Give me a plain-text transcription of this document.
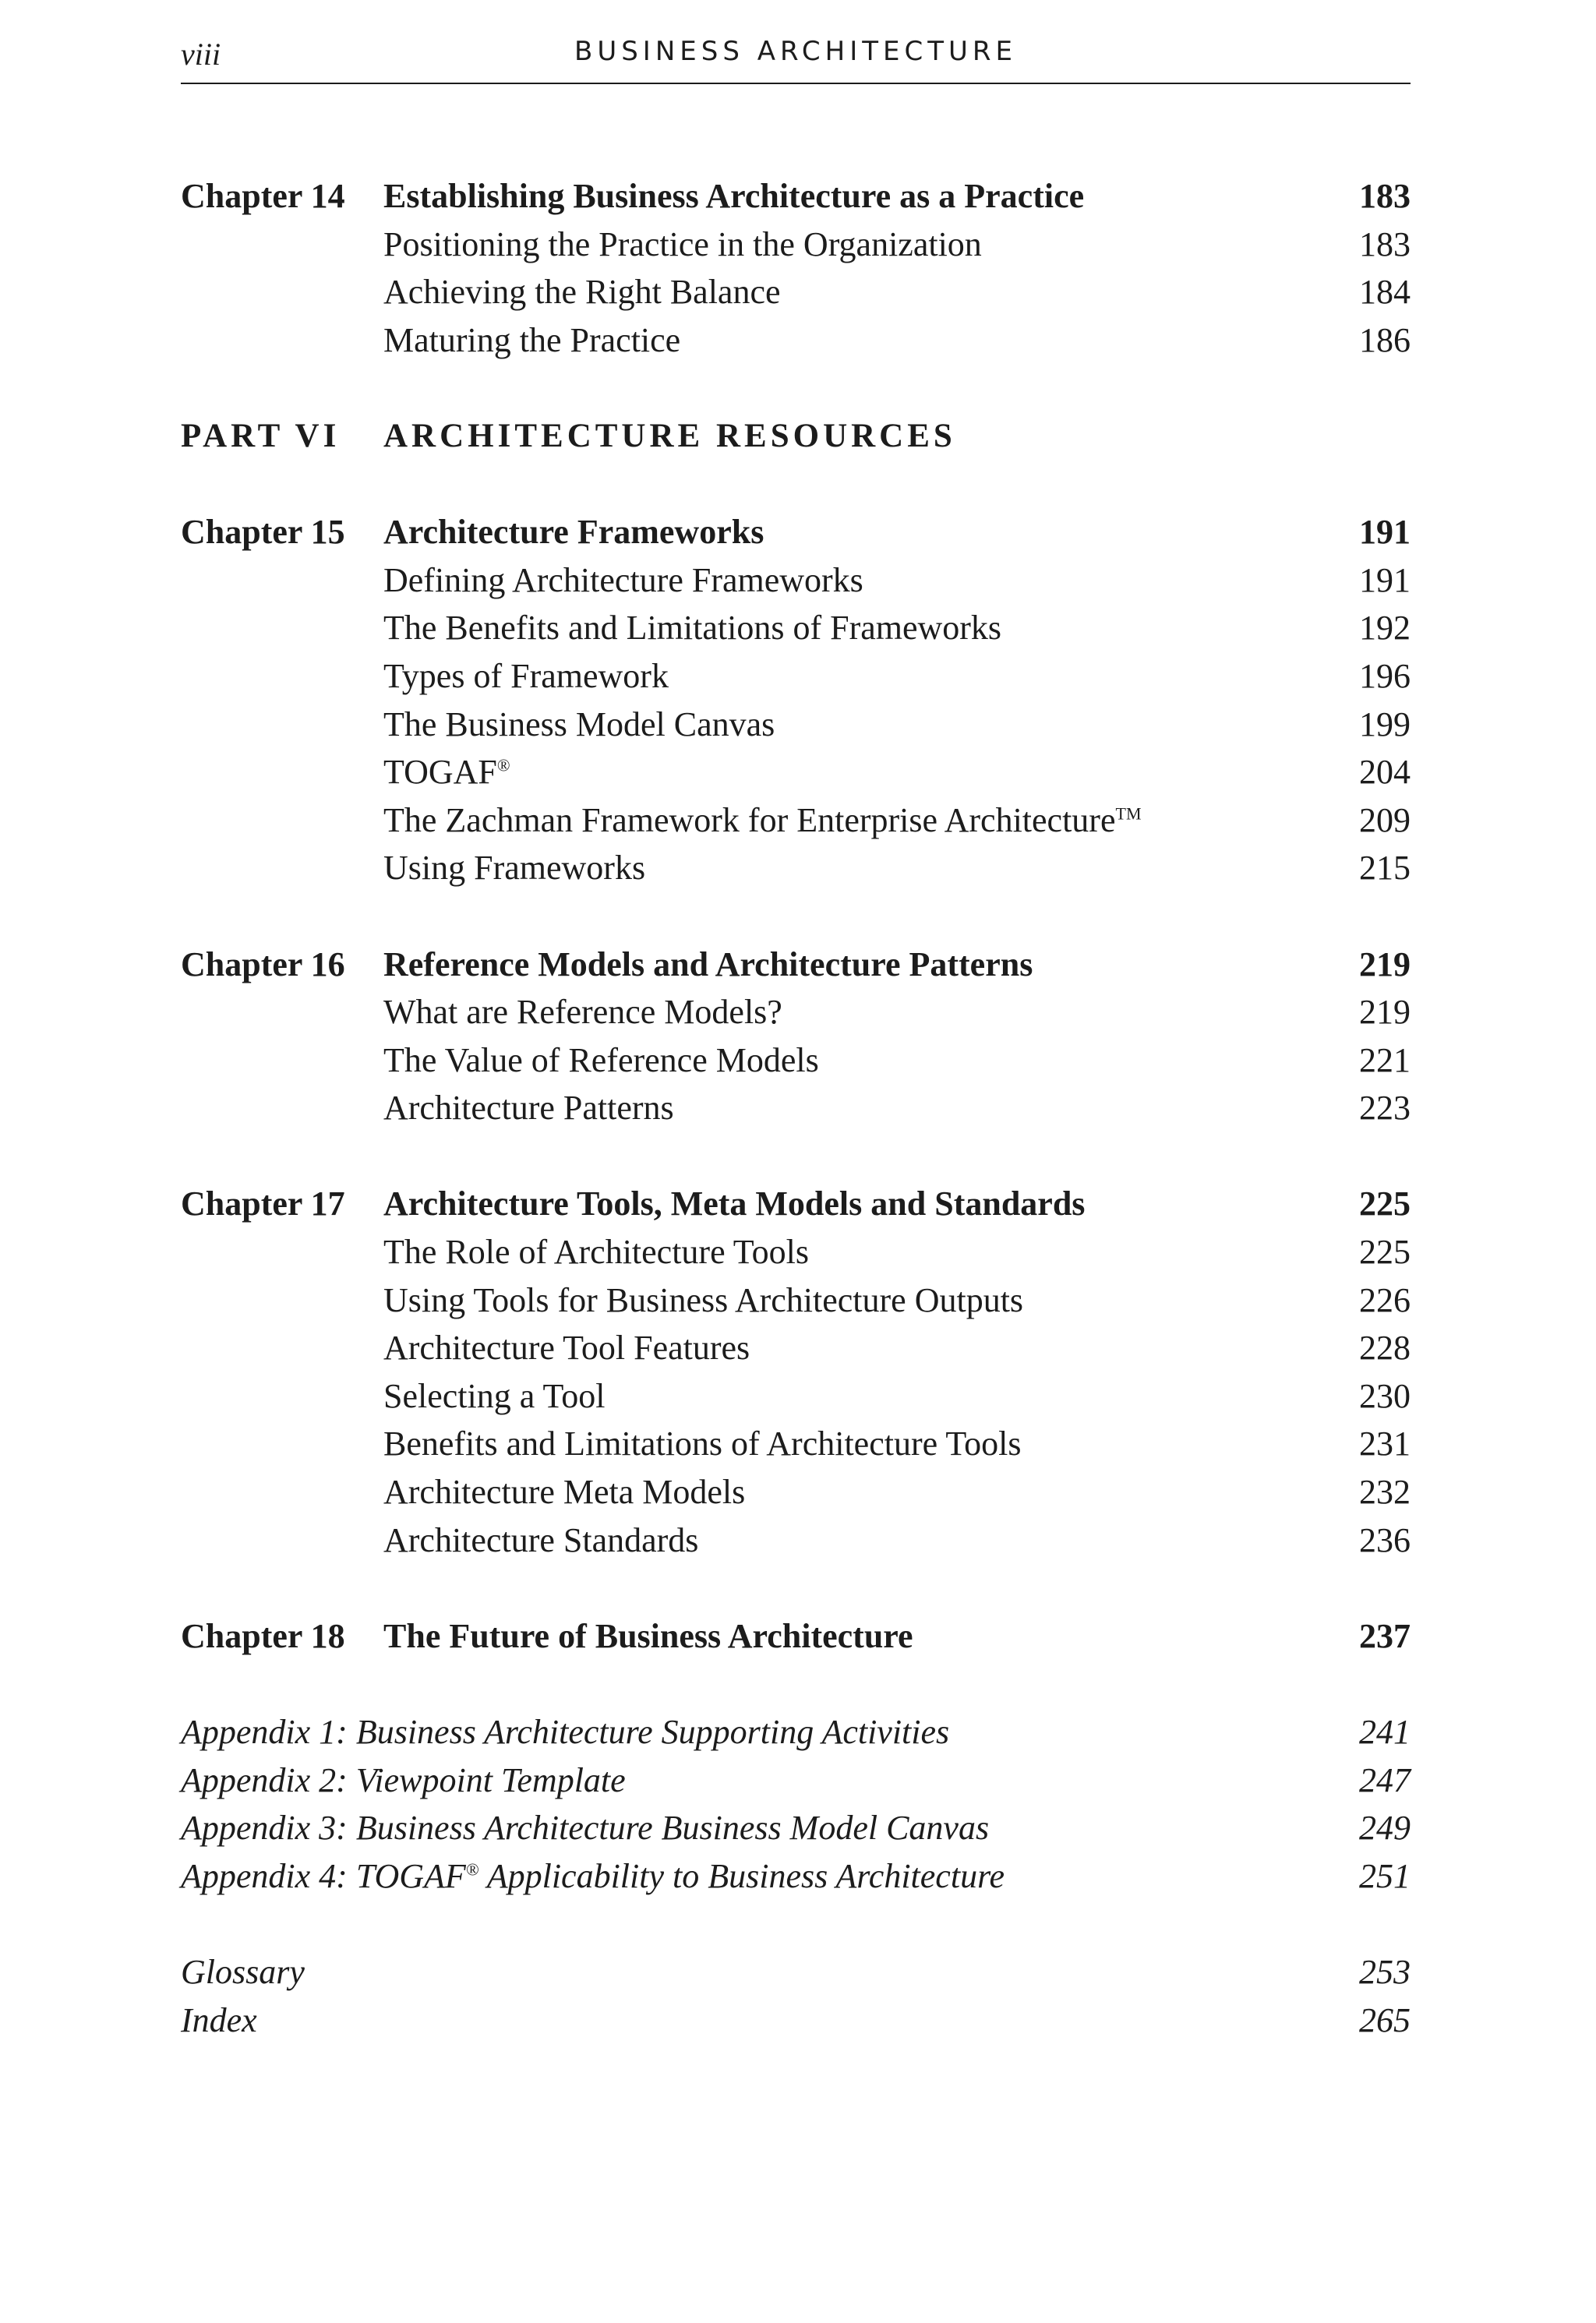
viii	BUSINESS ARCHITECTURE
Chapter 14 Establishing Business Architecture as a Practice	183
Positioning the Practice in the Organization	183
Achieving the Right Balance	184
Maturing the Practice	186
PART VI ARCHITECTURE RESOURCES
Chapter 15 Architecture Frameworks	191
Defining Architecture Frameworks	191
The Benefits and Limitations of Frameworks	192
Types of Framework	196
The Business Model Canvas	199
TOGAF®	204
The Zachman Framework for Enterprise Architecture™	209
Using Frameworks	215
Chapter 16 Reference Models and Architecture Patterns	219
What are Reference Models?	219
The Value of Reference Models	221
Architecture Patterns	223
Chapter 17 Architecture Tools, Meta Models and Standards	225
The Role of Architecture Tools	225
Using Tools for Business Architecture Outputs	226
Architecture Tool Features	228
Selecting a Tool	230
Benefits and Limitations of Architecture Tools	231
Architecture Meta Models	232
Architecture Standards	236
Chapter 18 The Future of Business Architecture	237
Appendix 1: Business Architecture Supporting Activities	241
Appendix 2: Viewpoint Template	247
Appendix 3: Business Architecture Business Model Canvas	249
Appendix 4: TOGAF® Applicability to Business Architecture	251
Glossary	253
Index	265
